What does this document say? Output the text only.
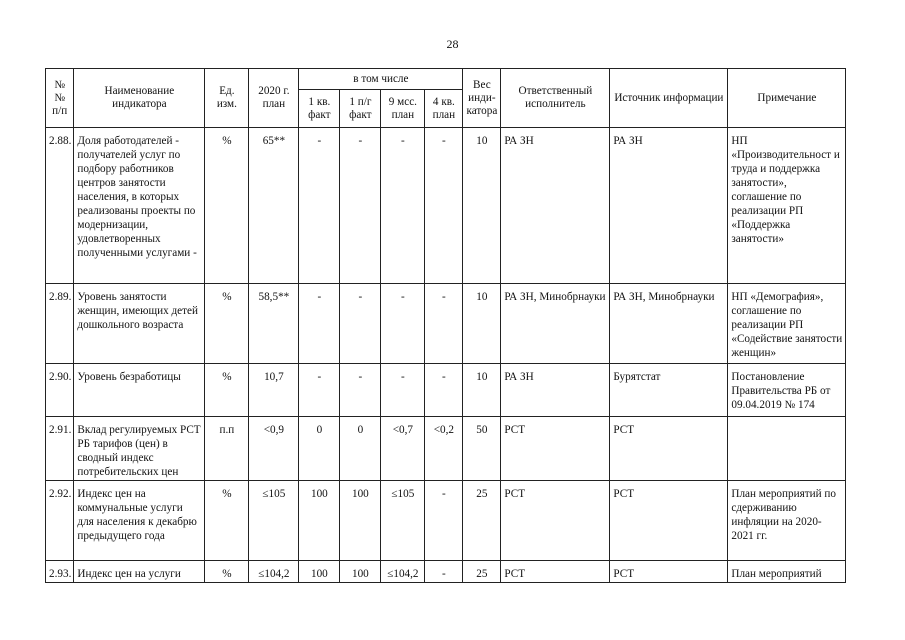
28
№
№
п/п	Наименование индикатора	Ед. изм.	2020 г. план	в том числе				Вес инди-катора	Ответственный исполнитель	Источник информации	Примечание
				1 кв. факт	1 п/г факт	9 мсс. план	4 кв. план				
2.88.	Доля работодателей - получателей услуг по подбору работников центров занятости населения, в которых реализованы проекты по модернизации, удовлетворенных полученными услугами -	%	65**	-	-	-	-	10	РА ЗН	РА ЗН	НП «Производительност и труда и поддержка занятости», соглашение по реализации РП «Поддержка занятости»
2.89.	Уровень занятости женщин, имеющих детей дошкольного возраста	%	58,5**	-	-	-	-	10	РА ЗН, Минобрнауки	РА ЗН, Минобрнауки	НП «Демография», соглашение по реализации РП «Содействие занятости женщин»
2.90.	Уровень безработицы	%	10,7	-	-	-	-	10	РА ЗН	Бурятстат	Постановление Правительства РБ от 09.04.2019 № 174
2.91.	Вклад регулируемых РСТ РБ тарифов (цен) в сводный индекс потребительских цен	п.п	<0,9	0	0	<0,7	<0,2	50	РСТ	РСТ	
2.92.	Индекс цен на коммунальные услуги для населения к декабрю предыдущего года	%	≤105	100	100	≤105	-	25	РСТ	РСТ	План мероприятий по сдерживанию инфляции на 2020-2021 гг.
2.93.	Индекс цен на услуги	%	≤104,2	100	100	≤104,2	-	25	РСТ	РСТ	План мероприятий
